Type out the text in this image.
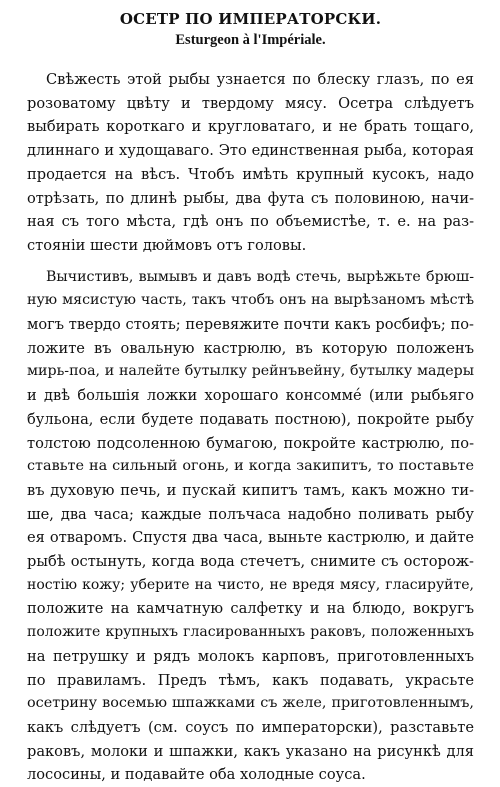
ОСЕТР ПО ИМПЕРАТОРСКИ.
Esturgeon à l'Impériale.
Свѣжесть этой рыбы узнается по блеску глазъ, по ея
розоватому цвѣту и твердому мясу. Осетра слѣдуетъ
выбирать короткаго и кругловатаго, и не брать тощаго,
длиннаго и худощаваго. Это единственная рыба, которая
продается на вѣсъ. Чтобъ имѣть крупный кусокъ, надо
отрѣзать, по длинѣ рыбы, два фута съ половиною, начи-
ная съ того мѣста, гдѣ онъ по объемистѣе, т. е. на раз-
стоянiи шести дюймовъ отъ головы.
Вычистивъ, вымывъ и давъ водѣ стечь, вырѣжьте брюш-
ную мясистую часть, такъ чтобъ онъ на вырѣзаномъ мѣстѣ
могъ твердо стоять; перевяжите почти какъ росбифъ; по-
ложите въ овальную кастрюлю, въ которую положенъ
мирь-поа, и налейте бутылку рейнъвейну, бутылку мадеры
и двѣ большiя ложки хорошаго консоммé (или рыбьяго
бульона, если будете подавать постною), покройте рыбу
толстою подсоленною бумагою, покройте кастрюлю, по-
ставьте на сильный огонь, и когда закипитъ, то поставьте
въ духовую печь, и пускай кипитъ тамъ, какъ можно ти-
ше, два часа; каждые полъчаса надобно поливать рыбу
ея отваромъ. Спустя два часа, выньте кастрюлю, и дайте
рыбѣ остынуть, когда вода стечетъ, снимите съ осторож-
ностiю кожу; уберите на чисто, не вредя мясу, гласируйте,
положите на камчатную салфетку и на блюдо, вокругъ
положите крупныхъ гласированныхъ раковъ, положенныхъ
на петрушку и рядъ молокъ карповъ, приготовленныхъ
по правиламъ. Предъ тѣмъ, какъ подавать, украсьте
осетрину восемью шпажками съ желе, приготовленнымъ,
какъ слѣдуетъ (см. соусъ по императорски), разставьте
раковъ, молоки и шпажки, какъ указано на рисункѣ для
лососины, и подавайте оба холодные соуса.
